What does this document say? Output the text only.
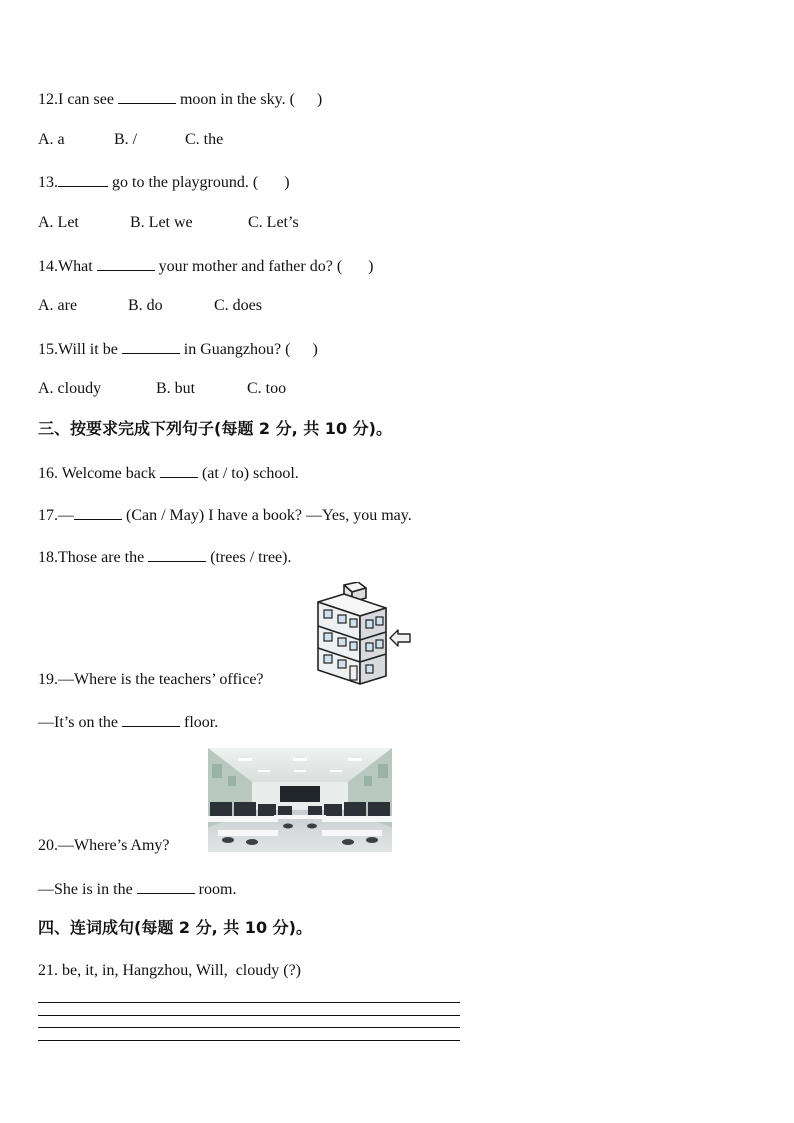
12.I can see	moon in the sky. ( )
A. a	B. /	C. the
13.	go to the playground. ( )
A. Let	B. Let we	C. Let’s
14.What	your mother and father do? ( )
A. are	B. do	C. does
15.Will it be	in Guangzhou? ( )
A. cloudy	B. but	C. too
三、按要求完成下列句子(每题 2 分, 共 10 分)。
16. Welcome back  (at / to) school.
17.—	(Can / May) I have a book? —Yes, you may.
18.Those are the	(trees / tree).
19.—Where is the teachers’ office?
—It’s on the	floor.
20.—Where’s Amy?
—She is in the	room.
四、连词成句(每题 2 分, 共 10 分)。
21. be, it, in, Hangzhou, Will,  cloudy (?)
